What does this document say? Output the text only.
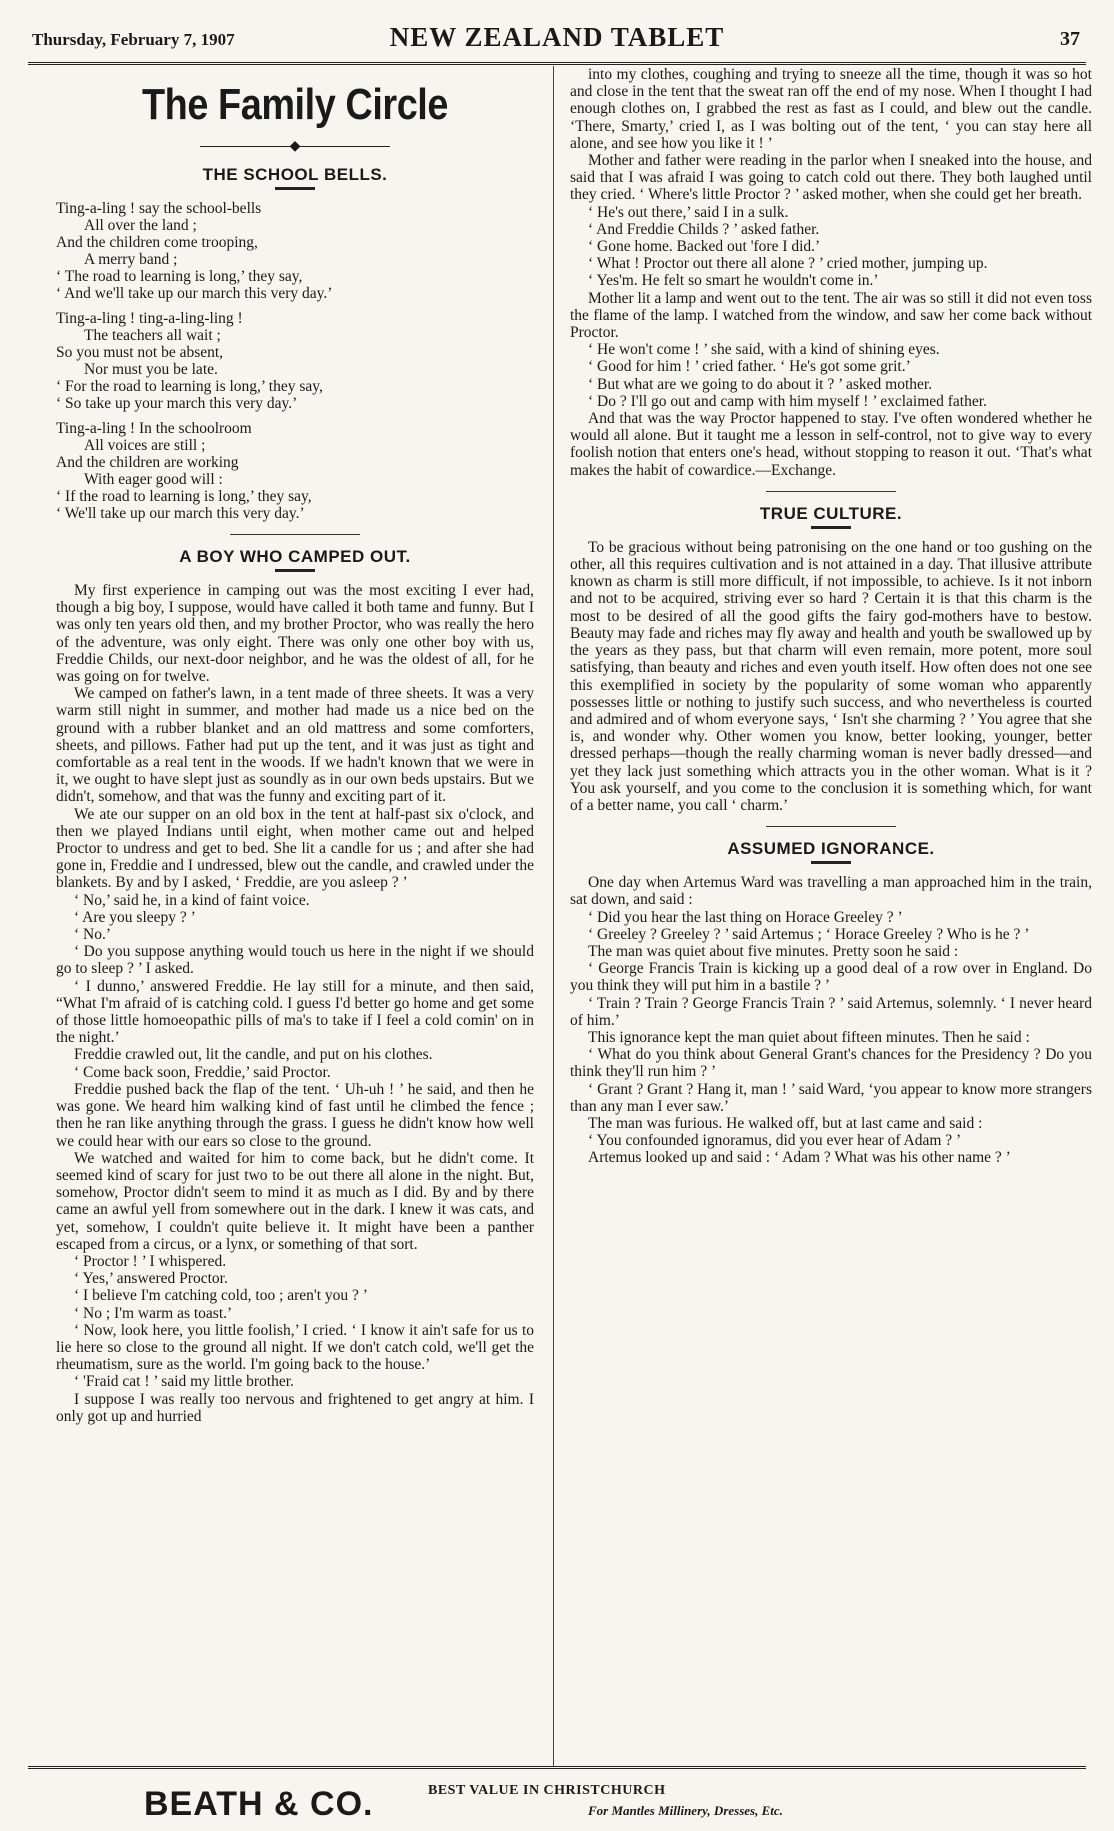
Thursday, February 7, 1907	NEW ZEALAND TABLET	37
The Family Circle
◆
THE SCHOOL BELLS.
Ting-a-ling ! say the school-bells
All over the land ;
And the children come trooping,
A merry band ;
‘ The road to learning is long,’ they say,
‘ And we'll take up our march this very day.’
Ting-a-ling ! ting-a-ling-ling !
The teachers all wait ;
So you must not be absent,
Nor must you be late.
‘ For the road to learning is long,’ they say,
‘ So take up your march this very day.’
Ting-a-ling ! In the schoolroom
All voices are still ;
And the children are working
With eager good will :
‘ If the road to learning is long,’ they say,
‘ We'll take up our march this very day.’
A BOY WHO CAMPED OUT.

My first experience in camping out was the most exciting I ever had, though a big boy, I suppose, would have called it both tame and funny. But I was only ten years old then, and my brother Proctor, who was really the hero of the adventure, was only eight. There was only one other boy with us, Freddie Childs, our next-door neighbor, and he was the oldest of all, for he was going on for twelve.

We camped on father's lawn, in a tent made of three sheets. It was a very warm still night in summer, and mother had made us a nice bed on the ground with a rubber blanket and an old mattress and some comforters, sheets, and pillows. Father had put up the tent, and it was just as tight and comfortable as a real tent in the woods. If we hadn't known that we were in it, we ought to have slept just as soundly as in our own beds upstairs. But we didn't, somehow, and that was the funny and exciting part of it.

We ate our supper on an old box in the tent at half-past six o'clock, and then we played Indians until eight, when mother came out and helped Proctor to undress and get to bed. She lit a candle for us ; and after she had gone in, Freddie and I undressed, blew out the candle, and crawled under the blankets. By and by I asked, ‘ Freddie, are you asleep ? ’

‘ No,’ said he, in a kind of faint voice.

‘ Are you sleepy ? ’

‘ No.’

‘ Do you suppose anything would touch us here in the night if we should go to sleep ? ’ I asked.

‘ I dunno,’ answered Freddie. He lay still for a minute, and then said, “What I'm afraid of is catching cold. I guess I'd better go home and get some of those little homoeopathic pills of ma's to take if I feel a cold comin' on in the night.’

Freddie crawled out, lit the candle, and put on his clothes.

‘ Come back soon, Freddie,’ said Proctor.

Freddie pushed back the flap of the tent. ‘ Uh-uh ! ’ he said, and then he was gone. We heard him walking kind of fast until he climbed the fence ; then he ran like anything through the grass. I guess he didn't know how well we could hear with our ears so close to the ground.

We watched and waited for him to come back, but he didn't come. It seemed kind of scary for just two to be out there all alone in the night. But, somehow, Proctor didn't seem to mind it as much as I did. By and by there came an awful yell from somewhere out in the dark. I knew it was cats, and yet, somehow, I couldn't quite believe it. It might have been a panther escaped from a circus, or a lynx, or something of that sort.

‘ Proctor ! ’ I whispered.

‘ Yes,’ answered Proctor.

‘ I believe I'm catching cold, too ; aren't you ? ’

‘ No ; I'm warm as toast.’

‘ Now, look here, you little foolish,’ I cried. ‘ I know it ain't safe for us to lie here so close to the ground all night. If we don't catch cold, we'll get the rheumatism, sure as the world. I'm going back to the house.’

‘ 'Fraid cat ! ’ said my little brother.

I suppose I was really too nervous and frightened to get angry at him. I only got up and hurried

into my clothes, coughing and trying to sneeze all the time, though it was so hot and close in the tent that the sweat ran off the end of my nose. When I thought I had enough clothes on, I grabbed the rest as fast as I could, and blew out the candle. ‘There, Smarty,’ cried I, as I was bolting out of the tent, ‘ you can stay here all alone, and see how you like it ! ’

Mother and father were reading in the parlor when I sneaked into the house, and said that I was afraid I was going to catch cold out there. They both laughed until they cried. ‘ Where's little Proctor ? ’ asked mother, when she could get her breath.

‘ He's out there,’ said I in a sulk.

‘ And Freddie Childs ? ’ asked father.

‘ Gone home. Backed out 'fore I did.’

‘ What ! Proctor out there all alone ? ’ cried mother, jumping up.

‘ Yes'm. He felt so smart he wouldn't come in.’

Mother lit a lamp and went out to the tent. The air was so still it did not even toss the flame of the lamp. I watched from the window, and saw her come back without Proctor.

‘ He won't come ! ’ she said, with a kind of shining eyes.

‘ Good for him ! ’ cried father. ‘ He's got some grit.’

‘ But what are we going to do about it ? ’ asked mother.

‘ Do ? I'll go out and camp with him myself ! ’ exclaimed father.

And that was the way Proctor happened to stay. I've often wondered whether he would all alone. But it taught me a lesson in self-control, not to give way to every foolish notion that enters one's head, without stopping to reason it out. ‘That's what makes the habit of cowardice.—Exchange.

TRUE CULTURE.

To be gracious without being patronising on the one hand or too gushing on the other, all this requires cultivation and is not attained in a day. That illusive attribute known as charm is still more difficult, if not impossible, to achieve. Is it not inborn and not to be acquired, striving ever so hard ? Certain it is that this charm is the most to be desired of all the good gifts the fairy god-mothers have to bestow. Beauty may fade and riches may fly away and health and youth be swallowed up by the years as they pass, but that charm will even remain, more potent, more soul satisfying, than beauty and riches and even youth itself. How often does not one see this exemplified in society by the popularity of some woman who apparently possesses little or nothing to justify such success, and who nevertheless is courted and admired and of whom everyone says, ‘ Isn't she charming ? ’ You agree that she is, and wonder why. Other women you know, better looking, younger, better dressed perhaps—though the really charming woman is never badly dressed—and yet they lack just something which attracts you in the other woman. What is it ? You ask yourself, and you come to the conclusion it is something which, for want of a better name, you call ‘ charm.’

ASSUMED IGNORANCE.

One day when Artemus Ward was travelling a man approached him in the train, sat down, and said :

‘ Did you hear the last thing on Horace Greeley ? ’

‘ Greeley ? Greeley ? ’ said Artemus ; ‘ Horace Greeley ? Who is he ? ’

The man was quiet about five minutes. Pretty soon he said :

‘ George Francis Train is kicking up a good deal of a row over in England. Do you think they will put him in a bastile ? ’

‘ Train ? Train ? George Francis Train ? ’ said Artemus, solemnly. ‘ I never heard of him.’

This ignorance kept the man quiet about fifteen minutes. Then he said :

‘ What do you think about General Grant's chances for the Presidency ? Do you think they'll run him ? ’

‘ Grant ? Grant ? Hang it, man ! ’ said Ward, ‘you appear to know more strangers than any man I ever saw.’

The man was furious. He walked off, but at last came and said :

‘ You confounded ignoramus, did you ever hear of Adam ? ’

Artemus looked up and said : ‘ Adam ? What was his other name ? ’

BEATH & CO.	BEST VALUE IN CHRISTCHURCH
For Mantles Millinery, Dresses, Etc.
